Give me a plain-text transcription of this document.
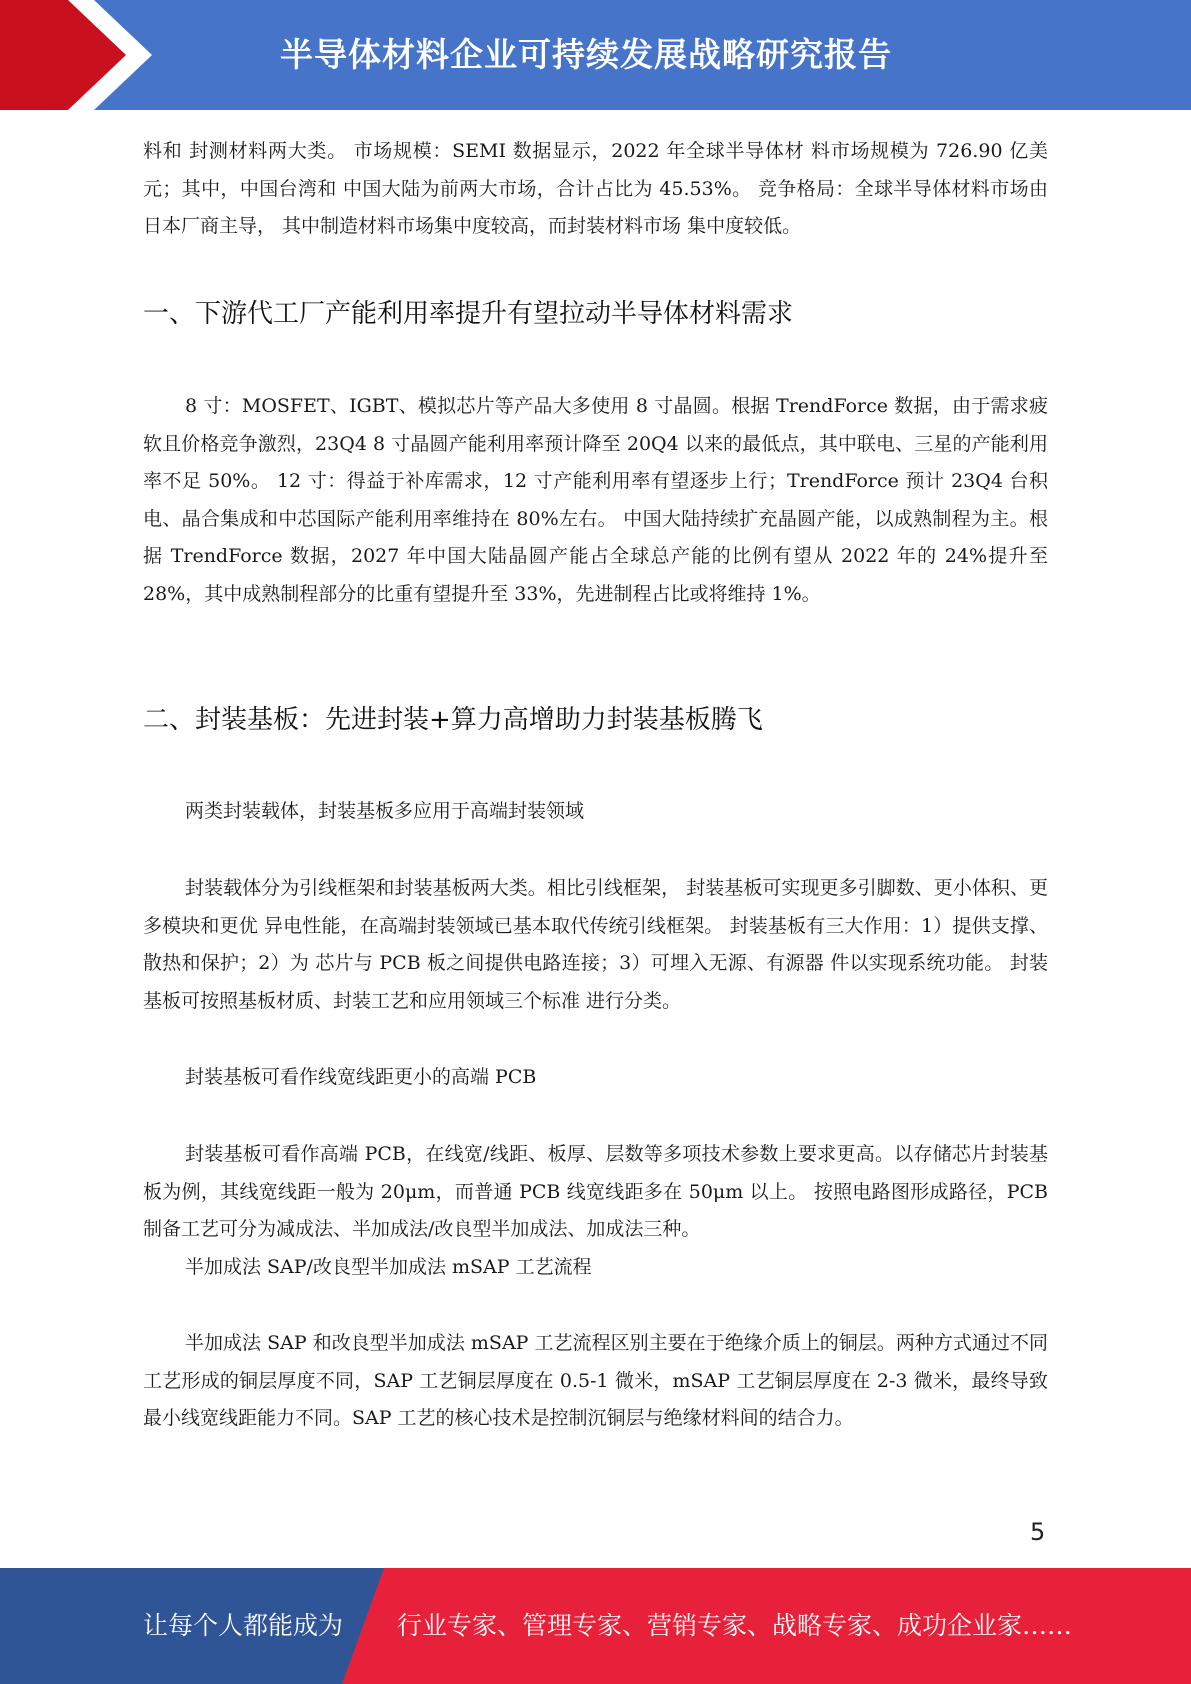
半导体材料企业可持续发展战略研究报告

料和 封测材料两大类。 市场规模：SEMI 数据显示，2022 年全球半导体材 料市场规模为 726.90 亿美元；其中，中国台湾和 中国大陆为前两大市场，合计占比为 45.53%。 竞争格局：全球半导体材料市场由日本厂商主导， 其中制造材料市场集中度较高，而封装材料市场 集中度较低。

一、下游代工厂产能利用率提升有望拉动半导体材料需求

8 寸：MOSFET、IGBT、模拟芯片等产品大多使用 8 寸晶圆。根据 TrendForce 数据，由于需求疲软且价格竞争激烈，23Q4 8 寸晶圆产能利用率预计降至 20Q4 以来的最低点，其中联电、三星的产能利用率不足 50%。 12 寸：得益于补库需求，12 寸产能利用率有望逐步上行；TrendForce 预计 23Q4 台积电、晶合集成和中芯国际产能利用率维持在 80%左右。 中国大陆持续扩充晶圆产能，以成熟制程为主。根据 TrendForce 数据，2027 年中国大陆晶圆产能占全球总产能的比例有望从 2022 年的 24%提升至 28%，其中成熟制程部分的比重有望提升至 33%，先进制程占比或将维持 1%。

二、封装基板：先进封装+算力高增助力封装基板腾飞

两类封装载体，封装基板多应用于高端封装领域

封装载体分为引线框架和封装基板两大类。相比引线框架， 封装基板可实现更多引脚数、更小体积、更多模块和更优 异电性能，在高端封装领域已基本取代传统引线框架。 封装基板有三大作用：1）提供支撑、散热和保护；2）为 芯片与 PCB 板之间提供电路连接；3）可埋入无源、有源器 件以实现系统功能。 封装基板可按照基板材质、封装工艺和应用领域三个标准 进行分类。

封装基板可看作线宽线距更小的高端 PCB

封装基板可看作高端 PCB，在线宽/线距、板厚、层数等多项技术参数上要求更高。以存储芯片封装基板为例，其线宽线距一般为 20μm，而普通 PCB 线宽线距多在 50μm 以上。 按照电路图形成路径，PCB 制备工艺可分为减成法、半加成法/改良型半加成法、加成法三种。

半加成法 SAP/改良型半加成法 mSAP 工艺流程

半加成法 SAP 和改良型半加成法 mSAP 工艺流程区别主要在于绝缘介质上的铜层。两种方式通过不同工艺形成的铜层厚度不同，SAP 工艺铜层厚度在 0.5-1 微米，mSAP 工艺铜层厚度在 2-3 微米，最终导致最小线宽线距能力不同。SAP 工艺的核心技术是控制沉铜层与绝缘材料间的结合力。

5
让每个人都能成为 行业专家、管理专家、营销专家、战略专家、成功企业家……
